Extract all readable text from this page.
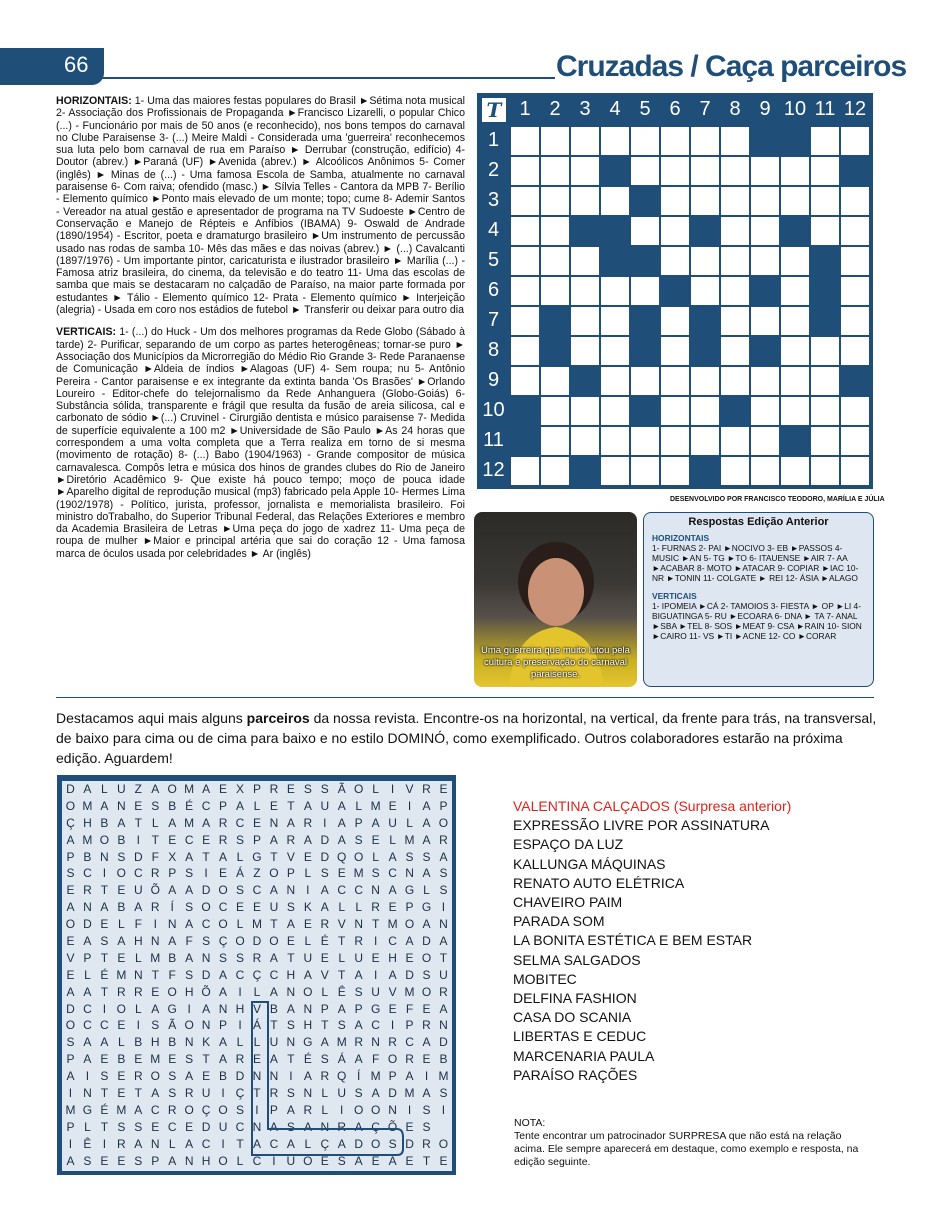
66	Cruzadas / Caça parceiros

HORIZONTAIS: 1- Uma das maiores festas populares do Brasil ►Sétima nota musical 2- Associação dos Profissionais de Propaganda ►Francisco Lizarelli, o popular Chico (...) - Funcionário por mais de 50 anos (e reconhecido), nos bons tempos do carnaval no Clube Paraisense 3- (...) Meire Maldi - Considerada uma 'guerreira' reconhecemos sua luta pelo bom carnaval de rua em Paraíso ► Derrubar (construção, edifício) 4- Doutor (abrev.) ►Paraná (UF) ►Avenida (abrev.) ► Alcoólicos Anônimos 5- Comer (inglês) ► Minas de (...) - Uma famosa Escola de Samba, atualmente no carnaval paraisense 6- Com raiva; ofendido (masc.) ► Sílvia Telles - Cantora da MPB 7- Berílio - Elemento químico ►Ponto mais elevado de um monte; topo; cume 8- Ademir Santos - Vereador na atual gestão e apresentador de programa na TV Sudoeste ►Centro de Conservação e Manejo de Répteis e Anfíbios (IBAMA) 9- Oswald de Andrade (1890/1954) - Escritor, poeta e dramaturgo brasileiro ►Um instrumento de percussão usado nas rodas de samba 10- Mês das mães e das noivas (abrev.) ► (...) Cavalcanti (1897/1976) - Um importante pintor, caricaturista e ilustrador brasileiro ► Marília (...) - Famosa atriz brasileira, do cinema, da televisão e do teatro 11- Uma das escolas de samba que mais se destacaram no calçadão de Paraíso, na maior parte formada por estudantes ► Tálio - Elemento químico 12- Prata - Elemento químico ► Interjeição (alegria) - Usada em coro nos estádios de futebol ► Transferir ou deixar para outro dia

VERTICAIS: 1- (...) do Huck - Um dos melhores programas da Rede Globo (Sábado à tarde) 2- Purificar, separando de um corpo as partes heterogêneas; tornar-se puro ► Associação dos Municípios da Microrregião do Médio Rio Grande 3- Rede Paranaense de Comunicação ►Aldeia de índios ►Alagoas (UF) 4- Sem roupa; nu 5- Antônio Pereira - Cantor paraisense e ex integrante da extinta banda 'Os Brasões' ►Orlando Loureiro - Editor-chefe do telejornalismo da Rede Anhanguera (Globo-Goiás) 6- Substância sólida, transparente e frágil que resulta da fusão de areia silicosa, cal e carbonato de sódio ►(...) Cruvinel - Cirurgião dentista e músico paraisense 7- Medida de superfície equivalente a 100 m2 ►Universidade de São Paulo ►As 24 horas que correspondem a uma volta completa que a Terra realiza em torno de si mesma (movimento de rotação) 8- (...) Babo (1904/1963) - Grande compositor de música carnavalesca. Compôs letra e música dos hinos de grandes clubes do Rio de Janeiro ►Diretório Acadêmico 9- Que existe há pouco tempo; moço de pouca idade ►Aparelho digital de reprodução musical (mp3) fabricado pela Apple 10- Hermes Lima (1902/1978) - Político, jurista, professor, jornalista e memorialista brasileiro. Foi ministro doTrabalho, do Superior Tribunal Federal, das Relações Exteriores e membro da Academia Brasileira de Letras ►Uma peça do jogo de xadrez 11- Uma peça de roupa de mulher ►Maior e principal artéria que sai do coração 12 - Uma famosa marca de óculos usada por celebridades ► Ar (inglês)

T 1 2 3 4 5 6 7 8 9 10 11 12
1
2
3
4
5
6
7
8
9
10
11
12
DESENVOLVIDO POR FRANCISCO TEODORO, MARÍLIA E JÚLIA
Uma guerreira que muito lutou pela cultura e preservação do carnaval paraisense.
Respostas Edição Anterior
HORIZONTAIS
1- FURNAS 2- PAI ►NOCIVO 3- EB ►PASSOS 4- MUSIC ►AN 5- TG ►TO 6- ITAUENSE ►AIR 7- AA ►ACABAR 8- MOTO ►ATACAR 9- COPIAR ►IAC 10- NR ►TONIN 11- COLGATE ► REI 12- ÁSIA ►ALAGO
VERTICAIS
1- IPOMEIA ►CÁ 2- TAMOIOS 3- FIESTA ► OP ►LI 4- BIGUATINGA 5- RU ►ECOARA 6- DNA ► TA 7- ANAL ►SBA ►TEL 8- SOS ►MEAT 9- CSA ►RAIN 10- SION ►CAIRO 11- VS ►TI ►ACNE 12- CO ►CORAR
Destacamos aqui mais alguns parceiros da nossa revista. Encontre-os na horizontal, na vertical, da frente para trás, na transversal, de baixo para cima ou de cima para baixo e no estilo DOMINÓ, como exemplificado. Outros colaboradores estarão na próxima edição. Aguardem!
D A L U Z A O M A E X P R E S S Ã O L I V R E
O M A N E S B É C P A L E T A U A L M E I A P
Ç H B A T L A M A R C E N A R I A P A U L A O
A M O B I T E C E R S P A R A D A S E L M A R
P B N S D F X A T A L G T V E D Q O L A S S A
S C I O C R P S I E Á Z O P L S E M S C N A S
E R T E U Õ A A D O S C A N I A C C N A G L S
A N A B A R Í S O C E E U S K A L L R E P G I
O D E L F I N A C O L M T A E R V N T M O A N
E A S A H N A F S Ç O D O E L É T R I C A D A
V P T E L M B A N S S R A T U E L U E H E O T
E L É M N T F S D A C Ç C H A V T A I A D S U
A A T R R E O H Õ A I L A N O L Ê S U V M O R
D C I O L A G I A N H V B A N P A P G E F E A
O C C E I S Ã O N P I Á T S H T S A C I P R N
S A A L B H B N K A L L U N G A M R N R C A D
P A E B E M E S T A R E A T É S Á A F O R E B
A I S E R O S A E B D N N I A R Q Í M P A I M
I N T E T A S R U I Ç T R S N L U S A D M A S
M G É M A C R O Ç O S I P A R L I O O N I S I
P L T S S E C E D U C N A S A N R A Ç Õ E S
I Ê I R A N L A C I T A C A L Ç A D O S D R O
A S E E S P A N H O L C I U O E S A E A E T E
VALENTINA CALÇADOS (Surpresa anterior)
EXPRESSÃO LIVRE POR ASSINATURA
ESPAÇO DA LUZ
KALLUNGA MÁQUINAS
RENATO AUTO ELÉTRICA
CHAVEIRO PAIM
PARADA SOM
LA BONITA ESTÉTICA E BEM ESTAR
SELMA SALGADOS
MOBITEC
DELFINA FASHION
CASA DO SCANIA
LIBERTAS E CEDUC
MARCENARIA PAULA
PARAÍSO RAÇÕES
NOTA:
Tente encontrar um patrocinador SURPRESA que não está na relação acima. Ele sempre aparecerá em destaque, como exemplo e resposta, na edição seguinte.
